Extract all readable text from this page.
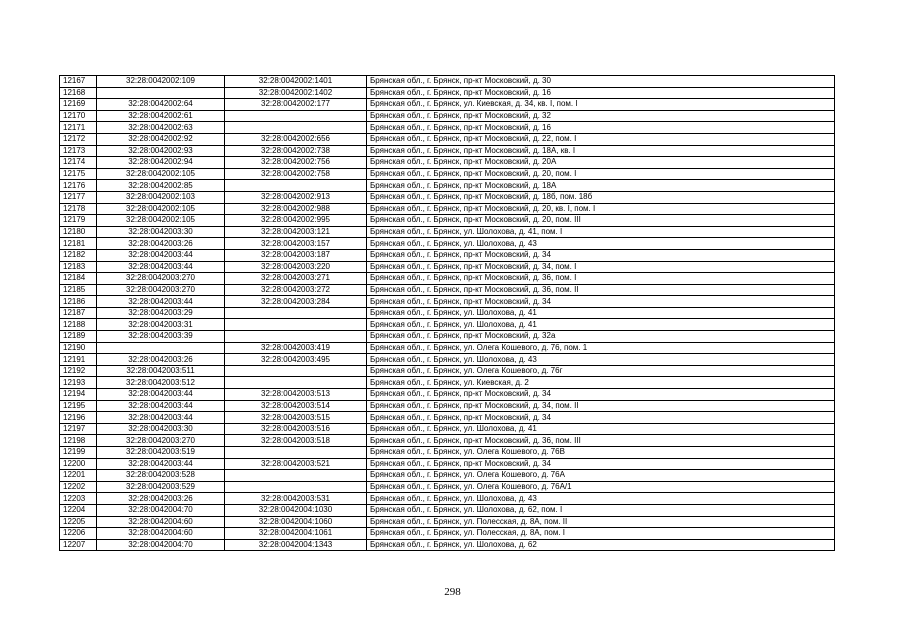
12167	32:28:0042002:109	32:28:0042002:1401	Брянская обл., г. Брянск, пр-кт Московский, д. 30
12168		32:28:0042002:1402	Брянская обл., г. Брянск, пр-кт Московский, д. 16
12169	32:28:0042002:64	32:28:0042002:177	Брянская обл., г. Брянск, ул. Киевская, д. 34, кв. I, пом. I
12170	32:28:0042002:61		Брянская обл., г. Брянск, пр-кт Московский, д. 32
12171	32:28:0042002:63		Брянская обл., г. Брянск, пр-кт Московский, д. 16
12172	32:28:0042002:92	32:28:0042002:656	Брянская обл., г. Брянск, пр-кт Московский, д. 22, пом. I
12173	32:28:0042002:93	32:28:0042002:738	Брянская обл., г. Брянск, пр-кт Московский, д. 18А, кв. I
12174	32:28:0042002:94	32:28:0042002:756	Брянская обл., г. Брянск, пр-кт Московский, д. 20А
12175	32:28:0042002:105	32:28:0042002:758	Брянская обл., г. Брянск, пр-кт Московский, д. 20, пом. I
12176	32:28:0042002:85		Брянская обл., г. Брянск, пр-кт Московский, д. 18А
12177	32:28:0042002:103	32:28:0042002:913	Брянская обл., г. Брянск, пр-кт Московский, д. 18б, пом. 18б
12178	32:28:0042002:105	32:28:0042002:988	Брянская обл., г. Брянск, пр-кт Московский, д. 20, кв. I, пом. I
12179	32:28:0042002:105	32:28:0042002:995	Брянская обл., г. Брянск, пр-кт Московский, д. 20, пом. III
12180	32:28:0042003:30	32:28:0042003:121	Брянская обл., г. Брянск, ул. Шолохова, д. 41, пом. I
12181	32:28:0042003:26	32:28:0042003:157	Брянская обл., г. Брянск, ул. Шолохова, д. 43
12182	32:28:0042003:44	32:28:0042003:187	Брянская обл., г. Брянск, пр-кт Московский, д. 34
12183	32:28:0042003:44	32:28:0042003:220	Брянская обл., г. Брянск, пр-кт Московский, д. 34, пом. I
12184	32:28:0042003:270	32:28:0042003:271	Брянская обл., г. Брянск, пр-кт Московский, д. 36, пом. I
12185	32:28:0042003:270	32:28:0042003:272	Брянская обл., г. Брянск, пр-кт Московский, д. 36, пом. II
12186	32:28:0042003:44	32:28:0042003:284	Брянская обл., г. Брянск, пр-кт Московский, д. 34
12187	32:28:0042003:29		Брянская обл., г. Брянск, ул. Шолохова, д. 41
12188	32:28:0042003:31		Брянская обл., г. Брянск, ул. Шолохова, д. 41
12189	32:28:0042003:39		Брянская обл., г. Брянск, пр-кт Московский, д. 32а
12190		32:28:0042003:419	Брянская обл., г. Брянск, ул. Олега Кошевого, д. 76, пом. 1
12191	32:28:0042003:26	32:28:0042003:495	Брянская обл., г. Брянск, ул. Шолохова, д. 43
12192	32:28:0042003:511		Брянская обл., г. Брянск, ул. Олега Кошевого, д. 76г
12193	32:28:0042003:512		Брянская обл., г. Брянск, ул. Киевская, д. 2
12194	32:28:0042003:44	32:28:0042003:513	Брянская обл., г. Брянск, пр-кт Московский, д. 34
12195	32:28:0042003:44	32:28:0042003:514	Брянская обл., г. Брянск, пр-кт Московский, д. 34, пом. II
12196	32:28:0042003:44	32:28:0042003:515	Брянская обл., г. Брянск, пр-кт Московский, д. 34
12197	32:28:0042003:30	32:28:0042003:516	Брянская обл., г. Брянск, ул. Шолохова, д. 41
12198	32:28:0042003:270	32:28:0042003:518	Брянская обл., г. Брянск, пр-кт Московский, д. 36, пом. III
12199	32:28:0042003:519		Брянская обл., г. Брянск, ул. Олега Кошевого, д. 76В
12200	32:28:0042003:44	32:28:0042003:521	Брянская обл., г. Брянск, пр-кт Московский, д. 34
12201	32:28:0042003:528		Брянская обл., г. Брянск, ул. Олега Кошевого, д. 76А
12202	32:28:0042003:529		Брянская обл., г. Брянск, ул. Олега Кошевого, д. 76А/1
12203	32:28:0042003:26	32:28:0042003:531	Брянская обл., г. Брянск, ул. Шолохова, д. 43
12204	32:28:0042004:70	32:28:0042004:1030	Брянская обл., г. Брянск, ул. Шолохова, д. 62, пом. I
12205	32:28:0042004:60	32:28:0042004:1060	Брянская обл., г. Брянск, ул. Полесская, д. 8А, пом. II
12206	32:28:0042004:60	32:28:0042004:1061	Брянская обл., г. Брянск, ул. Полесская, д. 8А, пом. I
12207	32:28:0042004:70	32:28:0042004:1343	Брянская обл., г. Брянск, ул. Шолохова, д. 62
298
